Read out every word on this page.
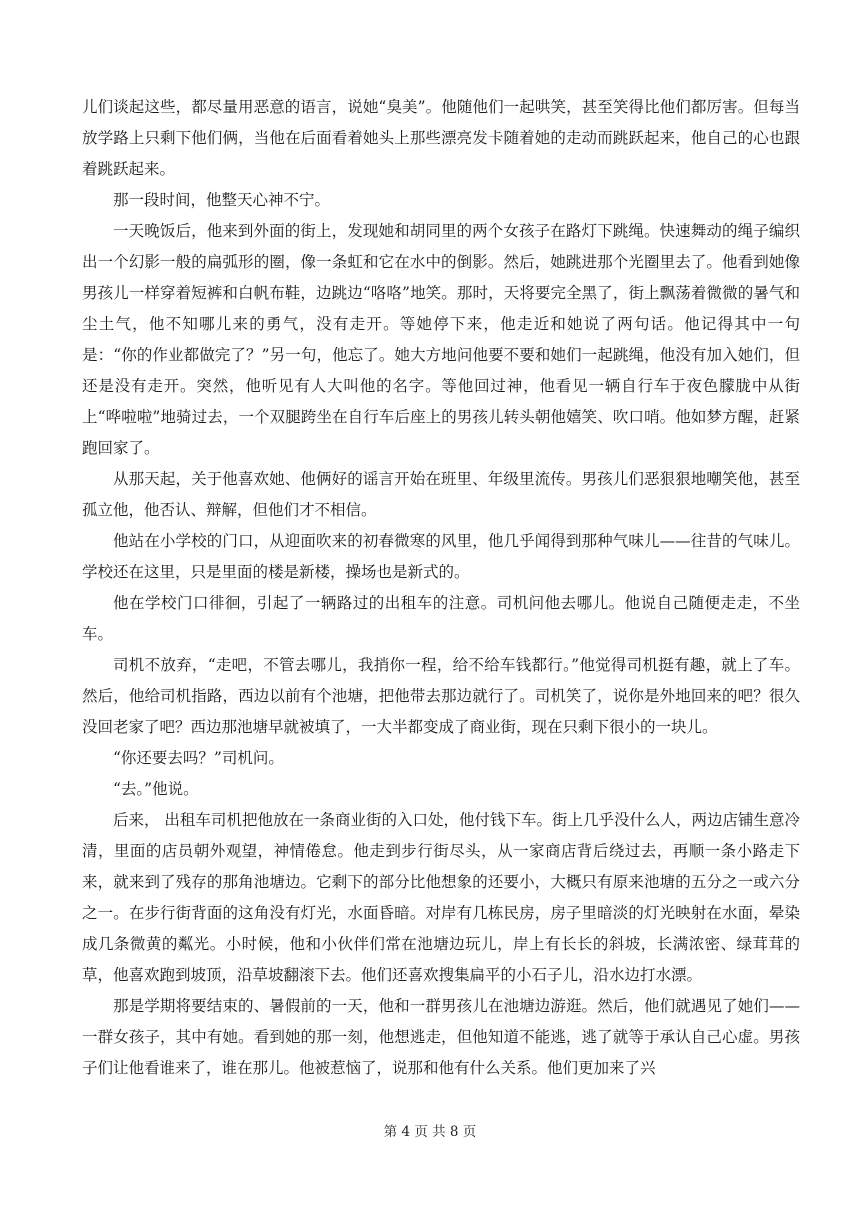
儿们谈起这些，都尽量用恶意的语言，说她“臭美”。他随他们一起哄笑，甚至笑得比他们都厉害。但每当放学路上只剩下他们俩，当他在后面看着她头上那些漂亮发卡随着她的走动而跳跃起来，他自己的心也跟着跳跃起来。

那一段时间，他整天心神不宁。

一天晚饭后，他来到外面的街上，发现她和胡同里的两个女孩子在路灯下跳绳。快速舞动的绳子编织出一个幻影一般的扁弧形的圈，像一条虹和它在水中的倒影。然后，她跳进那个光圈里去了。他看到她像男孩儿一样穿着短裤和白帆布鞋，边跳边“咯咯”地笑。那时，天将要完全黑了，街上飘荡着微微的暑气和尘土气，他不知哪儿来的勇气，没有走开。等她停下来，他走近和她说了两句话。他记得其中一句是：“你的作业都做完了？”另一句，他忘了。她大方地问他要不要和她们一起跳绳，他没有加入她们，但还是没有走开。突然，他听见有人大叫他的名字。等他回过神，他看见一辆自行车于夜色朦胧中从街上“哗啦啦”地骑过去，一个双腿跨坐在自行车后座上的男孩儿转头朝他嬉笑、吹口哨。他如梦方醒，赶紧跑回家了。

从那天起，关于他喜欢她、他俩好的谣言开始在班里、年级里流传。男孩儿们恶狠狠地嘲笑他，甚至孤立他，他否认、辩解，但他们才不相信。

他站在小学校的门口，从迎面吹来的初春微寒的风里，他几乎闻得到那种气味儿——往昔的气味儿。学校还在这里，只是里面的楼是新楼，操场也是新式的。

他在学校门口徘徊，引起了一辆路过的出租车的注意。司机问他去哪儿。他说自己随便走走，不坐车。

司机不放弃，“走吧，不管去哪儿，我捎你一程，给不给车钱都行。”他觉得司机挺有趣，就上了车。然后，他给司机指路，西边以前有个池塘，把他带去那边就行了。司机笑了，说你是外地回来的吧？很久没回老家了吧？西边那池塘早就被填了，一大半都变成了商业街，现在只剩下很小的一块儿。

“你还要去吗？”司机问。

“去。”他说。

后来， 出租车司机把他放在一条商业街的入口处，他付钱下车。街上几乎没什么人，两边店铺生意冷清，里面的店员朝外观望，神情倦怠。他走到步行街尽头，从一家商店背后绕过去，再顺一条小路走下来，就来到了残存的那角池塘边。它剩下的部分比他想象的还要小，大概只有原来池塘的五分之一或六分之一。在步行街背面的这角没有灯光，水面昏暗。对岸有几栋民房，房子里暗淡的灯光映射在水面，晕染成几条微黄的粼光。小时候，他和小伙伴们常在池塘边玩儿，岸上有长长的斜坡，长满浓密、绿茸茸的草，他喜欢跑到坡顶，沿草坡翻滚下去。他们还喜欢搜集扁平的小石子儿，沿水边打水漂。

那是学期将要结束的、暑假前的一天，他和一群男孩儿在池塘边游逛。然后，他们就遇见了她们——一群女孩子，其中有她。看到她的那一刻，他想逃走，但他知道不能逃，逃了就等于承认自己心虚。男孩子们让他看谁来了，谁在那儿。他被惹恼了，说那和他有什么关系。他们更加来了兴

第 4 页 共 8 页
